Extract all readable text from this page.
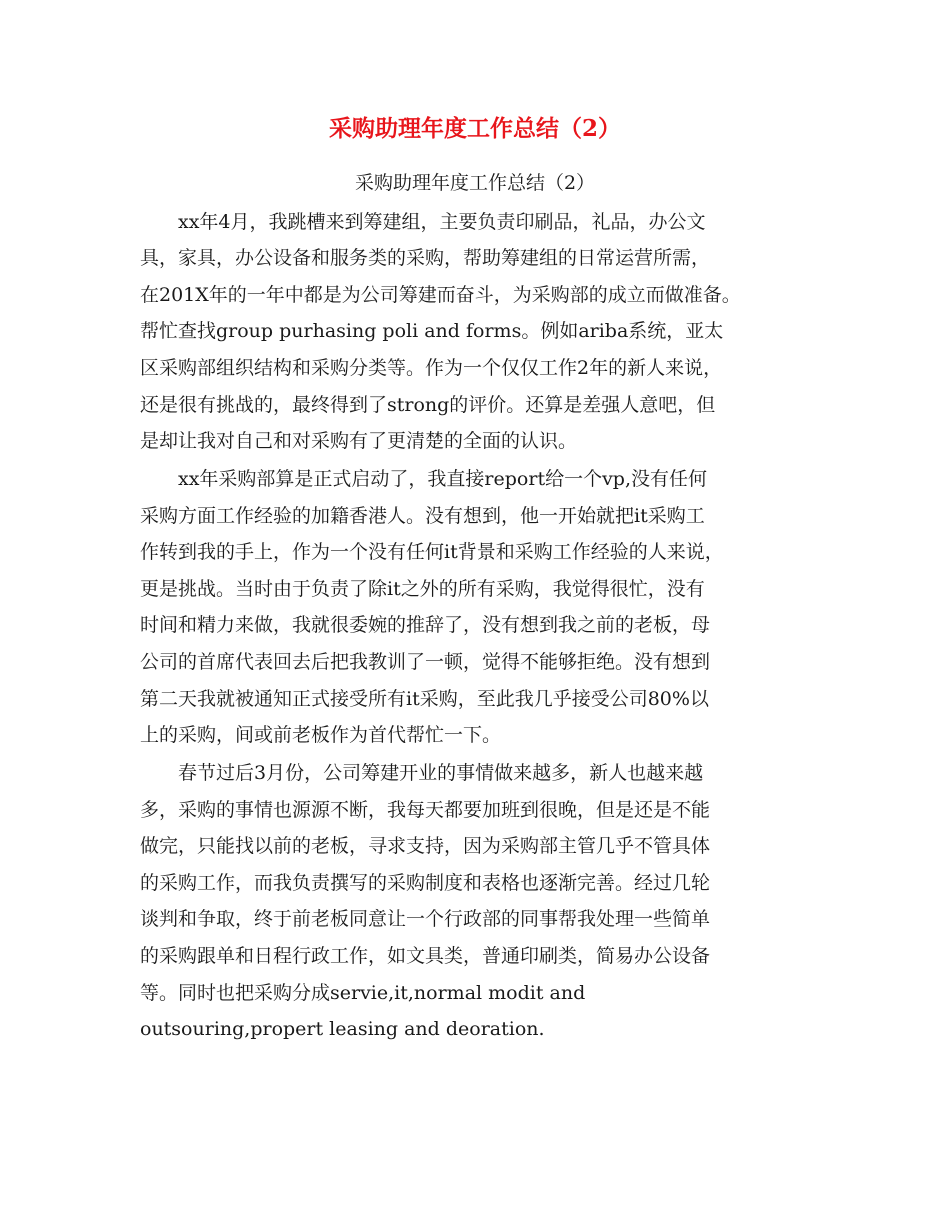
采购助理年度工作总结（2）
采购助理年度工作总结（2）
　　xx年4月，我跳槽来到筹建组，主要负责印刷品，礼品，办公文
具，家具，办公设备和服务类的采购，帮助筹建组的日常运营所需，
在201X年的一年中都是为公司筹建而奋斗，为采购部的成立而做准备。
帮忙查找group purhasing poli and forms。例如ariba系统，亚太
区采购部组织结构和采购分类等。作为一个仅仅工作2年的新人来说，
还是很有挑战的，最终得到了strong的评价。还算是差强人意吧，但
是却让我对自己和对采购有了更清楚的全面的认识。
　　xx年采购部算是正式启动了，我直接report给一个vp,没有任何
采购方面工作经验的加籍香港人。没有想到，他一开始就把it采购工
作转到我的手上，作为一个没有任何it背景和采购工作经验的人来说，
更是挑战。当时由于负责了除it之外的所有采购，我觉得很忙，没有
时间和精力来做，我就很委婉的推辞了，没有想到我之前的老板，母
公司的首席代表回去后把我教训了一顿，觉得不能够拒绝。没有想到
第二天我就被通知正式接受所有it采购，至此我几乎接受公司80%以
上的采购，间或前老板作为首代帮忙一下。
　　春节过后3月份，公司筹建开业的事情做来越多，新人也越来越
多，采购的事情也源源不断，我每天都要加班到很晚，但是还是不能
做完，只能找以前的老板，寻求支持，因为采购部主管几乎不管具体
的采购工作，而我负责撰写的采购制度和表格也逐渐完善。经过几轮
谈判和争取，终于前老板同意让一个行政部的同事帮我处理一些简单
的采购跟单和日程行政工作，如文具类，普通印刷类，简易办公设备
等。同时也把采购分成servie,it,normal modit and
outsouring,propert leasing and deoration.
